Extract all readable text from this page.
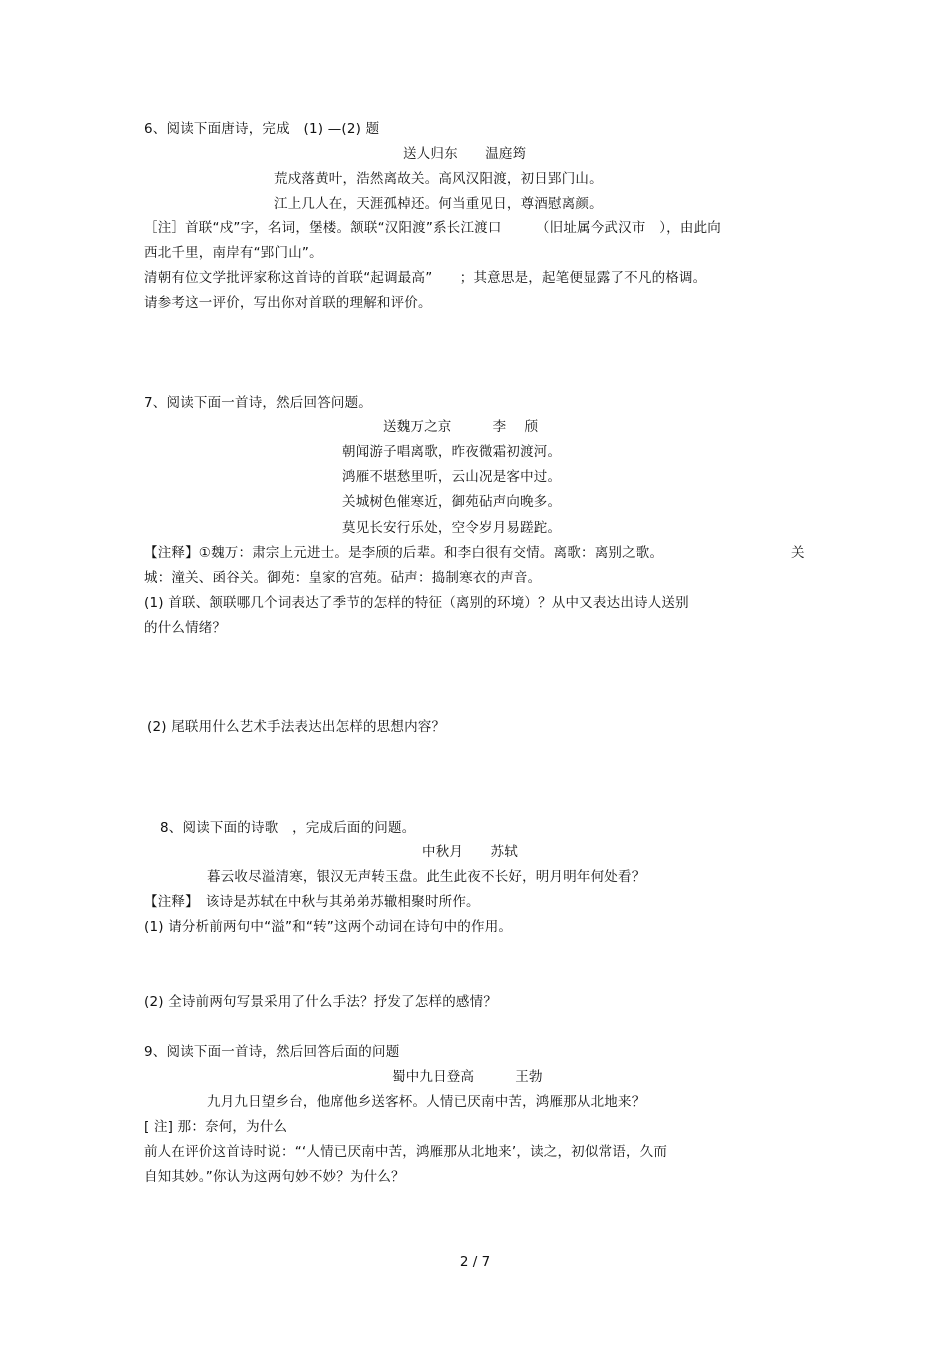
6、阅读下面唐诗，完成　(1) —(2) 题
送人归东　　温庭筠
荒戍落黄叶，浩然离故关。高风汉阳渡，初日郢门山。
江上几人在，天涯孤棹还。何当重见日，尊酒慰离颜。
［注］首联“戍”字，名词，堡楼。颔联“汉阳渡”系长江渡口　　　（旧址属今武汉市　），由此向
西北千里，南岸有“郢门山”。
清朝有位文学批评家称这首诗的首联“起调最高”　　；其意思是，起笔便显露了不凡的格调。
请参考这一评价，写出你对首联的理解和评价。
7、阅读下面一首诗，然后回答问题。
送魏万之京　　　李　 颀
朝闻游子唱离歌，昨夜微霜初渡河。
鸿雁不堪愁里听，云山况是客中过。
关城树色催寒近，御苑砧声向晚多。
莫见长安行乐处，空令岁月易蹉跎。
【注释】①魏万：肃宗上元进士。是李颀的后辈。和李白很有交情。离歌：离别之歌。	关
城：潼关、函谷关。御苑：皇家的宫苑。砧声：捣制寒衣的声音。
(1) 首联、颔联哪几个词表达了季节的怎样的特征（离别的环境）？从中又表达出诗人送别
的什么情绪？
(2) 尾联用什么艺术手法表达出怎样的思想内容？
8、阅读下面的诗歌　，完成后面的问题。
中秋月　　苏轼
暮云收尽溢清寒，银汉无声转玉盘。此生此夜不长好，明月明年何处看？
【注释】　该诗是苏轼在中秋与其弟弟苏辙相聚时所作。
(1) 请分析前两句中“溢”和“转”这两个动词在诗句中的作用。
(2) 全诗前两句写景采用了什么手法？抒发了怎样的感情？
9、阅读下面一首诗，然后回答后面的问题
蜀中九日登高　　　王勃
九月九日望乡台，他席他乡送客杯。人情已厌南中苦，鸿雁那从北地来？
[ 注] 那：奈何，为什么
前人在评价这首诗时说：“‘人情已厌南中苦，鸿雁那从北地来’，读之，初似常语，久而
自知其妙。”你认为这两句妙不妙？为什么？
2 / 7
